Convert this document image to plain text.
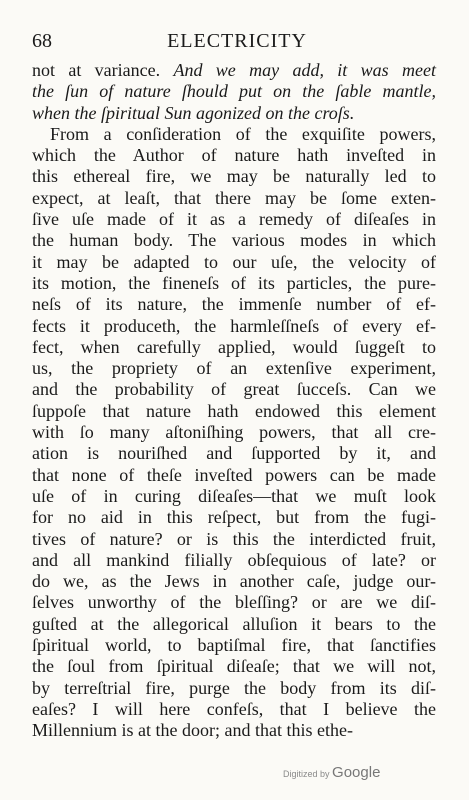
68	ELECTRICITY
not at variance. And we may add, it was meet
the ſun of nature ſhould put on the ſable mantle,
when the ſpiritual Sun agonized on the croſs.
From a conſideration of the exquiſite powers,
which the Author of nature hath inveſted in
this ethereal fire, we may be naturally led to
expect, at leaſt, that there may be ſome exten-
ſive uſe made of it as a remedy of diſeaſes in
the human body. The various modes in which
it may be adapted to our uſe, the velocity of
its motion, the fineneſs of its particles, the pure-
neſs of its nature, the immenſe number of ef-
fects it produceth, the harmleſſneſs of every ef-
fect, when carefully applied, would ſuggeſt to
us, the propriety of an extenſive experiment,
and the probability of great ſucceſs. Can we
ſuppoſe that nature hath endowed this element
with ſo many aſtoniſhing powers, that all cre-
ation is nouriſhed and ſupported by it, and
that none of theſe inveſted powers can be made
uſe of in curing diſeaſes—that we muſt look
for no aid in this reſpect, but from the fugi-
tives of nature? or is this the interdicted fruit,
and all mankind filially obſequious of late? or
do we, as the Jews in another caſe, judge our-
ſelves unworthy of the bleſſing? or are we diſ-
guſted at the allegorical alluſion it bears to the
ſpiritual world, to baptiſmal fire, that ſanctifies
the ſoul from ſpiritual diſeaſe; that we will not,
by terreſtrial fire, purge the body from its diſ-
eaſes? I will here confeſs, that I believe the
Millennium is at the door; and that this ethe-
Digitized by Google
